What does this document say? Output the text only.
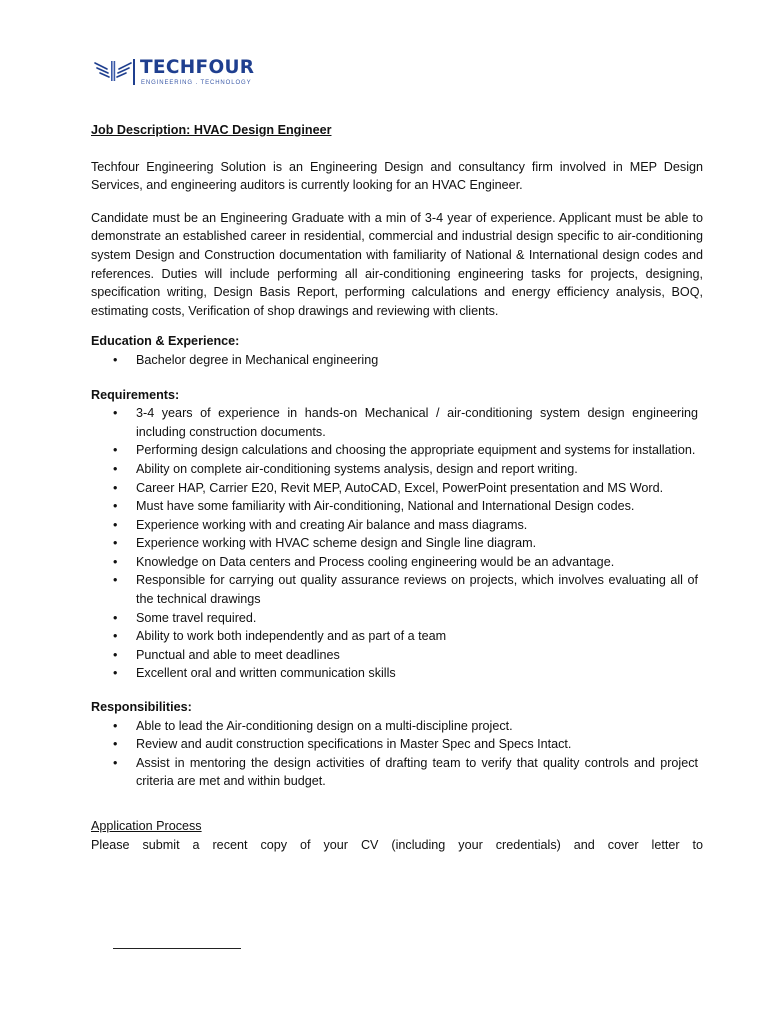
TECHFOUR
ENGINEERING . TECHNOLOGY

Job Description: HVAC Design Engineer

Techfour Engineering Solution is an Engineering Design and consultancy firm involved in MEP Design Services, and engineering auditors is currently looking for an HVAC Engineer.

Candidate must be an Engineering Graduate with a min of 3-4 year of experience. Applicant must be able to demonstrate an established career in residential, commercial and industrial design specific to air-conditioning system Design and Construction documentation with familiarity of National & International design codes and references. Duties will include performing all air-conditioning engineering tasks for projects, designing, specification writing, Design Basis Report, performing calculations and energy efficiency analysis, BOQ, estimating costs, Verification of shop drawings and reviewing with clients.

Education & Experience:

• Bachelor degree in Mechanical engineering

Requirements:

• 3-4 years of experience in hands-on Mechanical / air-conditioning system design engineering including construction documents.
• Performing design calculations and choosing the appropriate equipment and systems for installation.
• Ability on complete air-conditioning systems analysis, design and report writing.
• Career HAP, Carrier E20, Revit MEP, AutoCAD, Excel, PowerPoint presentation and MS Word.
• Must have some familiarity with Air-conditioning, National and International Design codes.
• Experience working with and creating Air balance and mass diagrams.
• Experience working with HVAC scheme design and Single line diagram.
• Knowledge on Data centers and Process cooling engineering would be an advantage.
• Responsible for carrying out quality assurance reviews on projects, which involves evaluating all of the technical drawings
• Some travel required.
• Ability to work both independently and as part of a team
• Punctual and able to meet deadlines
• Excellent oral and written communication skills

Responsibilities:

• Able to lead the Air-conditioning design on a multi-discipline project.
• Review and audit construction specifications in Master Spec and Specs Intact.
• Assist in mentoring the design activities of drafting team to verify that quality controls and project criteria are met and within budget.

Application Process

Please submit a recent copy of your CV (including your credentials) and cover letter to
